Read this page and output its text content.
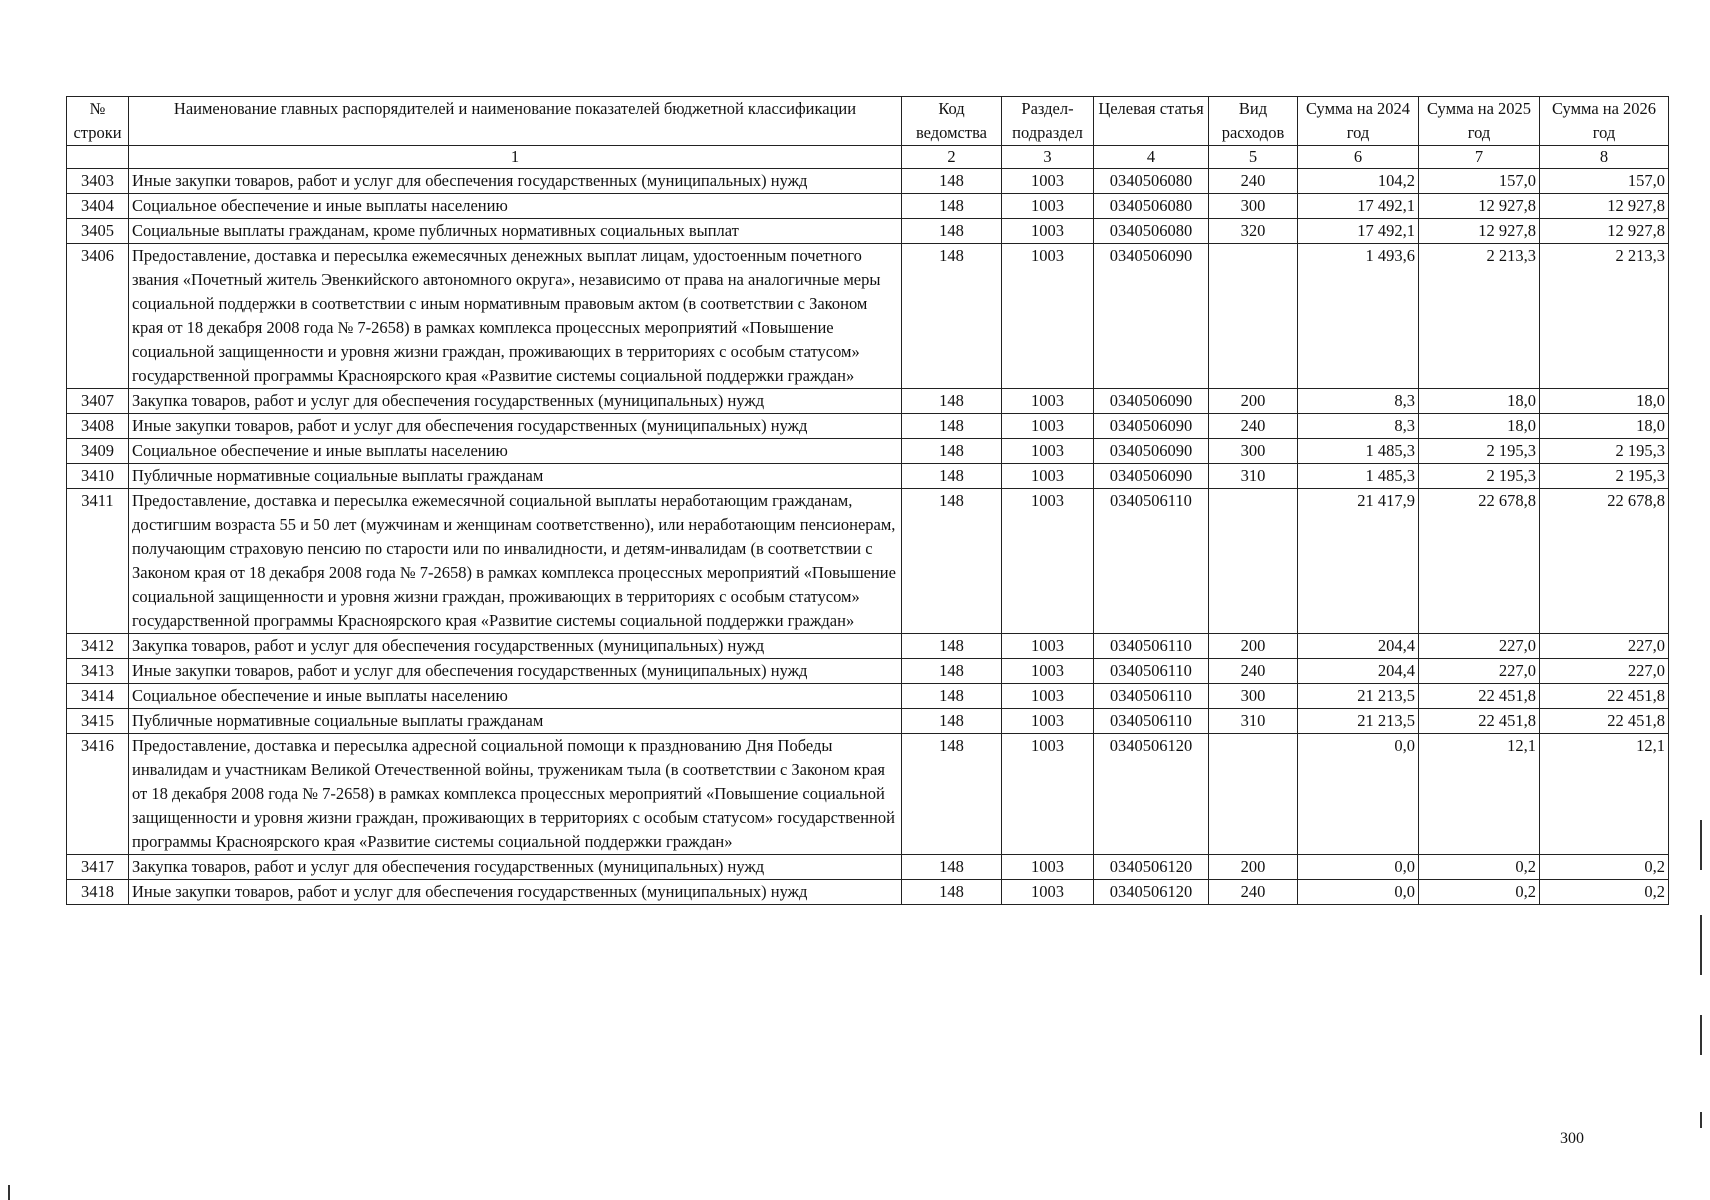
№ строки	Наименование главных распорядителей и наименование показателей бюджетной классификации	Код ведомства	Раздел-подраздел	Целевая статья	Вид расходов	Сумма на 2024 год	Сумма на 2025 год	Сумма на 2026 год
	1	2	3	4	5	6	7	8
3403	Иные закупки товаров, работ и услуг для обеспечения государственных (муниципальных) нужд	148	1003	0340506080	240	104,2	157,0	157,0
3404	Социальное обеспечение и иные выплаты населению	148	1003	0340506080	300	17 492,1	12 927,8	12 927,8
3405	Социальные выплаты гражданам, кроме публичных нормативных социальных выплат	148	1003	0340506080	320	17 492,1	12 927,8	12 927,8
3406	Предоставление, доставка и пересылка ежемесячных денежных выплат лицам, удостоенным почетного звания «Почетный житель Эвенкийского автономного округа», независимо от права на аналогичные меры социальной поддержки в соответствии с иным нормативным правовым актом (в соответствии с Законом края от 18 декабря 2008 года № 7-2658) в рамках комплекса процессных мероприятий «Повышение социальной защищенности и уровня жизни граждан, проживающих в территориях с особым статусом» государственной программы Красноярского края «Развитие системы социальной поддержки граждан»	148	1003	0340506090		1 493,6	2 213,3	2 213,3
3407	Закупка товаров, работ и услуг для обеспечения государственных (муниципальных) нужд	148	1003	0340506090	200	8,3	18,0	18,0
3408	Иные закупки товаров, работ и услуг для обеспечения государственных (муниципальных) нужд	148	1003	0340506090	240	8,3	18,0	18,0
3409	Социальное обеспечение и иные выплаты населению	148	1003	0340506090	300	1 485,3	2 195,3	2 195,3
3410	Публичные нормативные социальные выплаты гражданам	148	1003	0340506090	310	1 485,3	2 195,3	2 195,3
3411	Предоставление, доставка и пересылка ежемесячной социальной выплаты неработающим гражданам, достигшим возраста 55 и 50 лет (мужчинам и женщинам соответственно), или неработающим пенсионерам, получающим страховую пенсию по старости или по инвалидности, и детям-инвалидам (в соответствии с Законом края от 18 декабря 2008 года № 7-2658) в рамках комплекса процессных мероприятий «Повышение социальной защищенности и уровня жизни граждан, проживающих в территориях с особым статусом» государственной программы Красноярского края «Развитие системы социальной поддержки граждан»	148	1003	0340506110		21 417,9	22 678,8	22 678,8
3412	Закупка товаров, работ и услуг для обеспечения государственных (муниципальных) нужд	148	1003	0340506110	200	204,4	227,0	227,0
3413	Иные закупки товаров, работ и услуг для обеспечения государственных (муниципальных) нужд	148	1003	0340506110	240	204,4	227,0	227,0
3414	Социальное обеспечение и иные выплаты населению	148	1003	0340506110	300	21 213,5	22 451,8	22 451,8
3415	Публичные нормативные социальные выплаты гражданам	148	1003	0340506110	310	21 213,5	22 451,8	22 451,8
3416	Предоставление, доставка и пересылка адресной социальной помощи к празднованию Дня Победы инвалидам и участникам Великой Отечественной войны, труженикам тыла (в соответствии с Законом края от 18 декабря 2008 года № 7-2658) в рамках комплекса процессных мероприятий «Повышение социальной защищенности и уровня жизни граждан, проживающих в территориях с особым статусом» государственной программы Красноярского края «Развитие системы социальной поддержки граждан»	148	1003	0340506120		0,0	12,1	12,1
3417	Закупка товаров, работ и услуг для обеспечения государственных (муниципальных) нужд	148	1003	0340506120	200	0,0	0,2	0,2
3418	Иные закупки товаров, работ и услуг для обеспечения государственных (муниципальных) нужд	148	1003	0340506120	240	0,0	0,2	0,2
300
